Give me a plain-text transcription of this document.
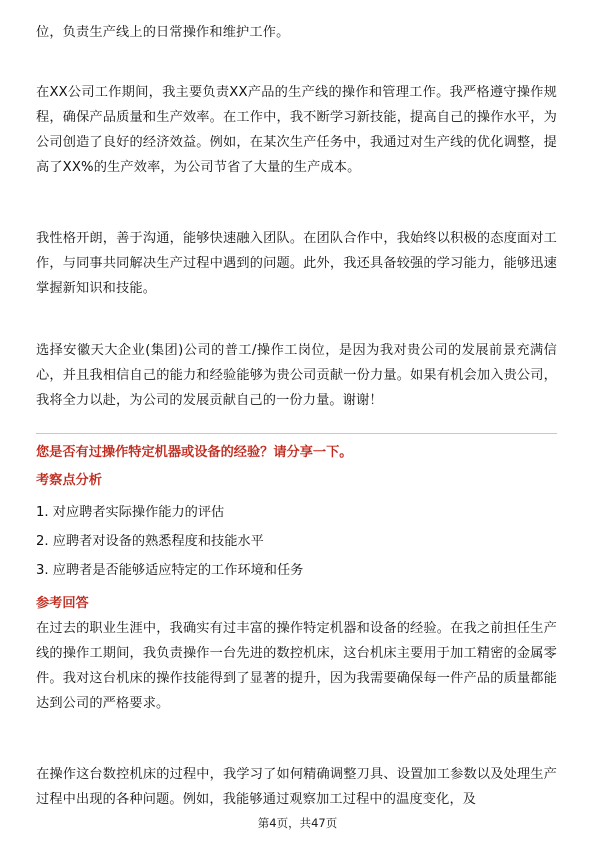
位，负责生产线上的日常操作和维护工作。

在XX公司工作期间，我主要负责XX产品的生产线的操作和管理工作。我严格遵守操作规程，确保产品质量和生产效率。在工作中，我不断学习新技能，提高自己的操作水平，为公司创造了良好的经济效益。例如，在某次生产任务中，我通过对生产线的优化调整，提高了XX%的生产效率，为公司节省了大量的生产成本。

我性格开朗，善于沟通，能够快速融入团队。在团队合作中，我始终以积极的态度面对工作，与同事共同解决生产过程中遇到的问题。此外，我还具备较强的学习能力，能够迅速掌握新知识和技能。

选择安徽天大企业(集团)公司的普工/操作工岗位，是因为我对贵公司的发展前景充满信心，并且我相信自己的能力和经验能够为贵公司贡献一份力量。如果有机会加入贵公司，我将全力以赴，为公司的发展贡献自己的一份力量。谢谢！

您是否有过操作特定机器或设备的经验？请分享一下。

考察点分析

1. 对应聘者实际操作能力的评估
2. 应聘者对设备的熟悉程度和技能水平
3. 应聘者是否能够适应特定的工作环境和任务

参考回答

在过去的职业生涯中，我确实有过丰富的操作特定机器和设备的经验。在我之前担任生产线的操作工期间，我负责操作一台先进的数控机床，这台机床主要用于加工精密的金属零件。我对这台机床的操作技能得到了显著的提升，因为我需要确保每一件产品的质量都能达到公司的严格要求。

在操作这台数控机床的过程中，我学习了如何精确调整刀具、设置加工参数以及处理生产过程中出现的各种问题。例如，我能够通过观察加工过程中的温度变化，及

第4页，共47页
